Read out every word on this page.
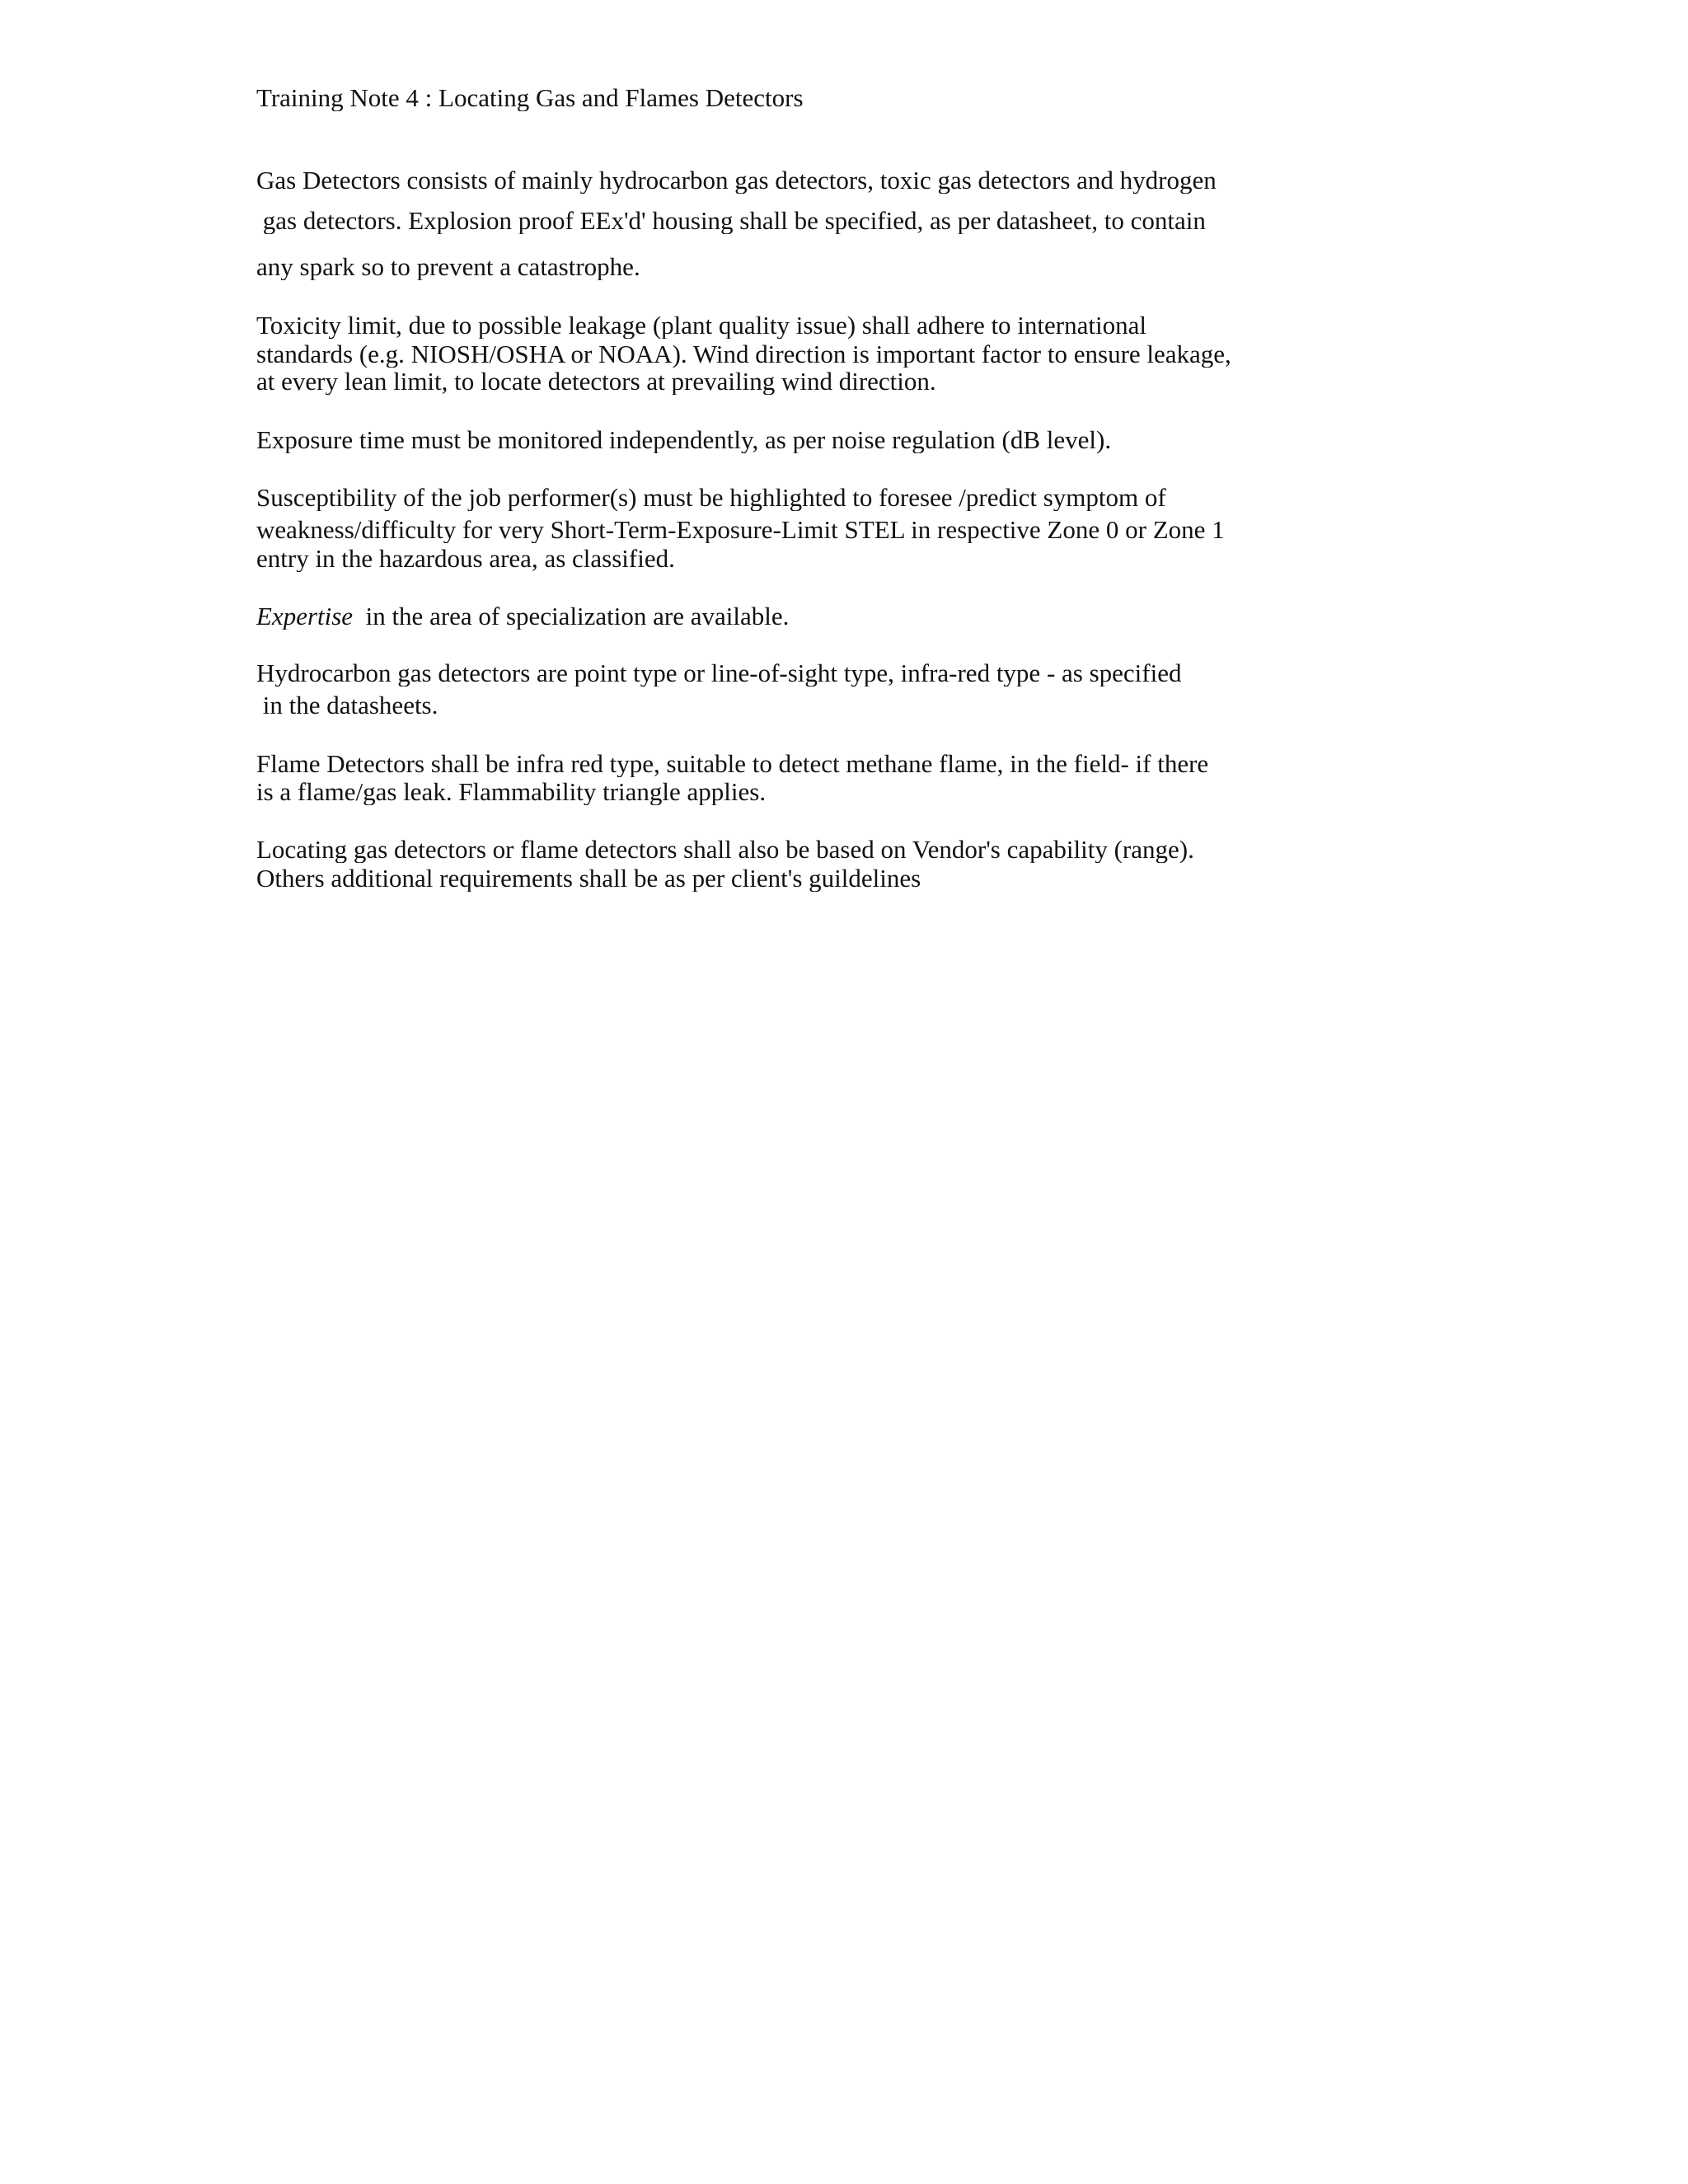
Training Note 4 : Locating Gas and Flames Detectors
Gas Detectors consists of mainly hydrocarbon gas detectors, toxic gas detectors and hydrogen
gas detectors. Explosion proof EEx'd' housing shall be specified, as per datasheet, to contain
any spark so to prevent a catastrophe.
Toxicity limit, due to possible leakage (plant quality issue) shall adhere to international
standards (e.g. NIOSH/OSHA or NOAA). Wind direction is important factor to ensure leakage,
at every lean limit, to locate detectors at prevailing wind direction.
Exposure time must be monitored independently, as per noise regulation (dB level).
Susceptibility of the job performer(s) must be highlighted to foresee /predict symptom of
weakness/difficulty for very Short-Term-Exposure-Limit STEL in respective Zone 0 or Zone 1
entry in the hazardous area, as classified.
Expertise  in the area of specialization are available.
Hydrocarbon gas detectors are point type or line-of-sight type, infra-red type - as specified
in the datasheets.
Flame Detectors shall be infra red type, suitable to detect methane flame, in the field- if there
is a flame/gas leak. Flammability triangle applies.
Locating gas detectors or flame detectors shall also be based on Vendor's capability (range).
Others additional requirements shall be as per client's guildelines
